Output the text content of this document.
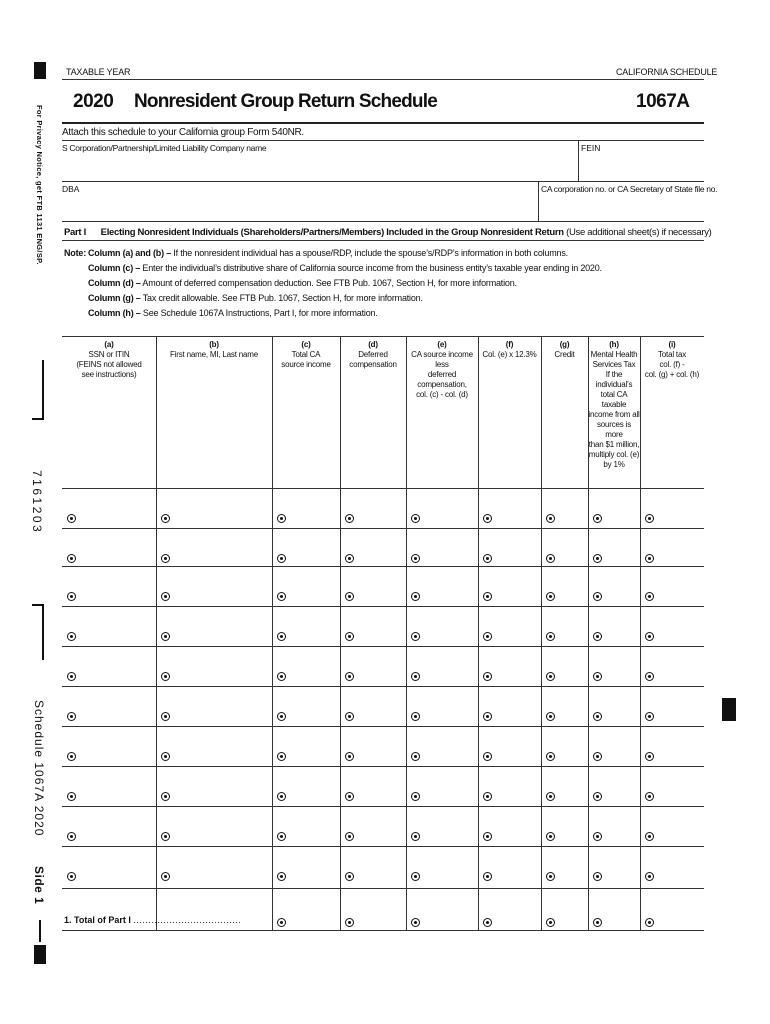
For Privacy Notice, get FTB 1131 ENG/SP.
7161203
Schedule 1067A 2020
Side 1
TAXABLE YEAR	CALIFORNIA SCHEDULE
2020 Nonresident Group Return Schedule	1067A
Attach this schedule to your California group Form 540NR.
S Corporation/Partnership/Limited Liability Company name	FEIN
DBA	CA corporation no. or CA Secretary of State file no.
Part I Electing Nonresident Individuals (Shareholders/Partners/Members) Included in the Group Nonresident Return (Use additional sheet(s) if necessary)
Note: Column (a) and (b) – If the nonresident individual has a spouse/RDP, include the spouse’s/RDP’s information in both columns.
Column (c) – Enter the individual’s distributive share of California source income from the business entity’s taxable year ending in 2020.
Column (d) – Amount of deferred compensation deduction. See FTB Pub. 1067, Section H, for more information.
Column (g) – Tax credit allowable. See FTB Pub. 1067, Section H, for more information.
Column (h) – See Schedule 1067A Instructions, Part I, for more information.
(a)
SSN or ITIN
(FEINS not allowed
see instructions)
(b)
First name, MI, Last name
(c)
Total CA
source income
(d)
Deferred
compensation
(e)
CA source income less
deferred compensation,
col. (c) - col. (d)
(f)
Col. (e) x 12.3%
(g)
Credit
(h)
Mental Health
Services Tax
If the individual’s
total CA taxable
income from all
sources is more
than $1 million,
multiply col. (e)
by 1%
(i)
Total tax
col. (f) -
col. (g) + col. (h)
1. Total of Part I ....................................
